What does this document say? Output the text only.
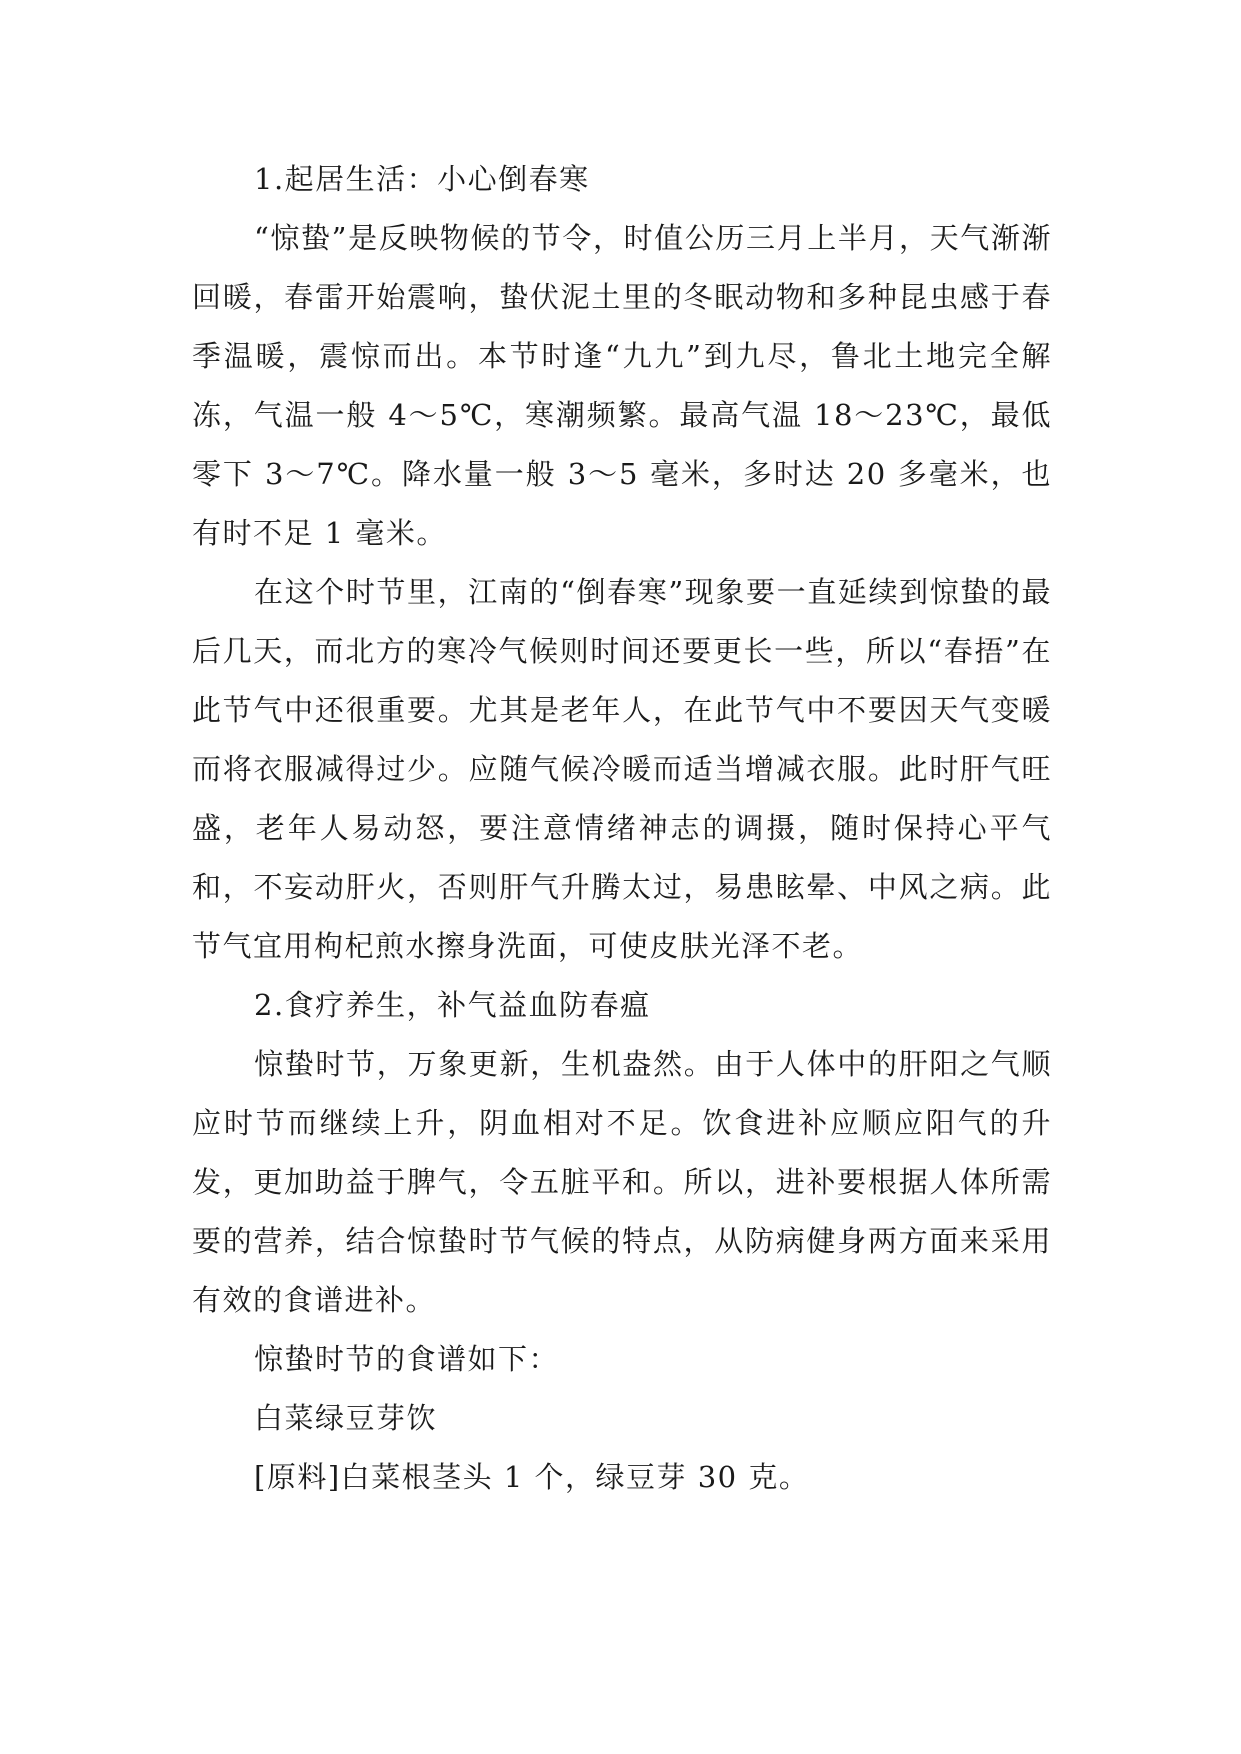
1.起居生活：小心倒春寒

“惊蛰”是反映物候的节令，时值公历三月上半月，天气渐渐回暖，春雷开始震响，蛰伏泥土里的冬眠动物和多种昆虫感于春季温暖，震惊而出。本节时逢“九九”到九尽，鲁北土地完全解冻，气温一般 4～5℃，寒潮频繁。最高气温 18～23℃，最低零下 3～7℃。降水量一般 3～5 毫米，多时达 20 多毫米，也有时不足 1 毫米。

在这个时节里，江南的“倒春寒”现象要一直延续到惊蛰的最后几天，而北方的寒冷气候则时间还要更长一些，所以“春捂”在此节气中还很重要。尤其是老年人，在此节气中不要因天气变暖而将衣服减得过少。应随气候冷暖而适当增减衣服。此时肝气旺盛，老年人易动怒，要注意情绪神志的调摄，随时保持心平气和，不妄动肝火，否则肝气升腾太过，易患眩晕、中风之病。此节气宜用枸杞煎水擦身洗面，可使皮肤光泽不老。

2.食疗养生，补气益血防春瘟

惊蛰时节，万象更新，生机盎然。由于人体中的肝阳之气顺应时节而继续上升，阴血相对不足。饮食进补应顺应阳气的升发，更加助益于脾气，令五脏平和。所以，进补要根据人体所需要的营养，结合惊蛰时节气候的特点，从防病健身两方面来采用有效的食谱进补。

惊蛰时节的食谱如下：

白菜绿豆芽饮

[原料]白菜根茎头 1 个，绿豆芽 30 克。
